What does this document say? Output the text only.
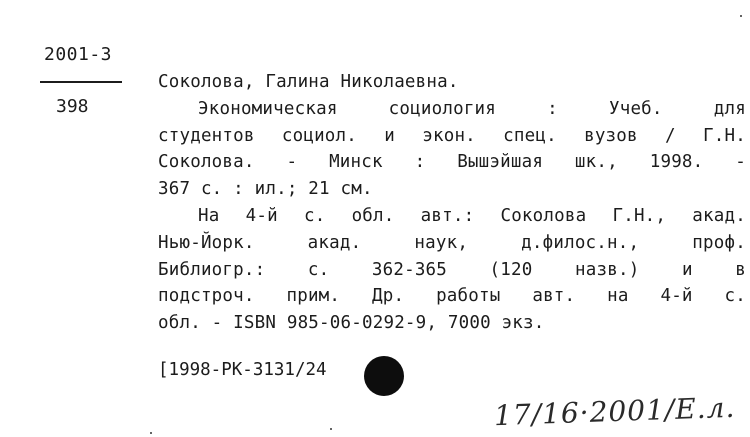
2001-3
398
Соколова, Галина Николаевна.
Экономическая	социология	:	Учеб.	для
студентов социол. и экон. спец. вузов / Г.Н.
Соколова. - Минск : Вышэйшая шк., 1998. -
367 с. : ил.; 21 см.
На 4-й с. обл. авт.: Соколова Г.Н., акад.
Нью-Йорк.	акад.	наук,	д.филос.н.,	проф.
Библиогр.: с. 362-365 (120 назв.) и в
подстроч. прим. Др. работы авт. на 4-й с.
обл. - ISBN 985-06-0292-9, 7000 экз.
[1998-РК-3131/24
17/16·2001/Е.л.
